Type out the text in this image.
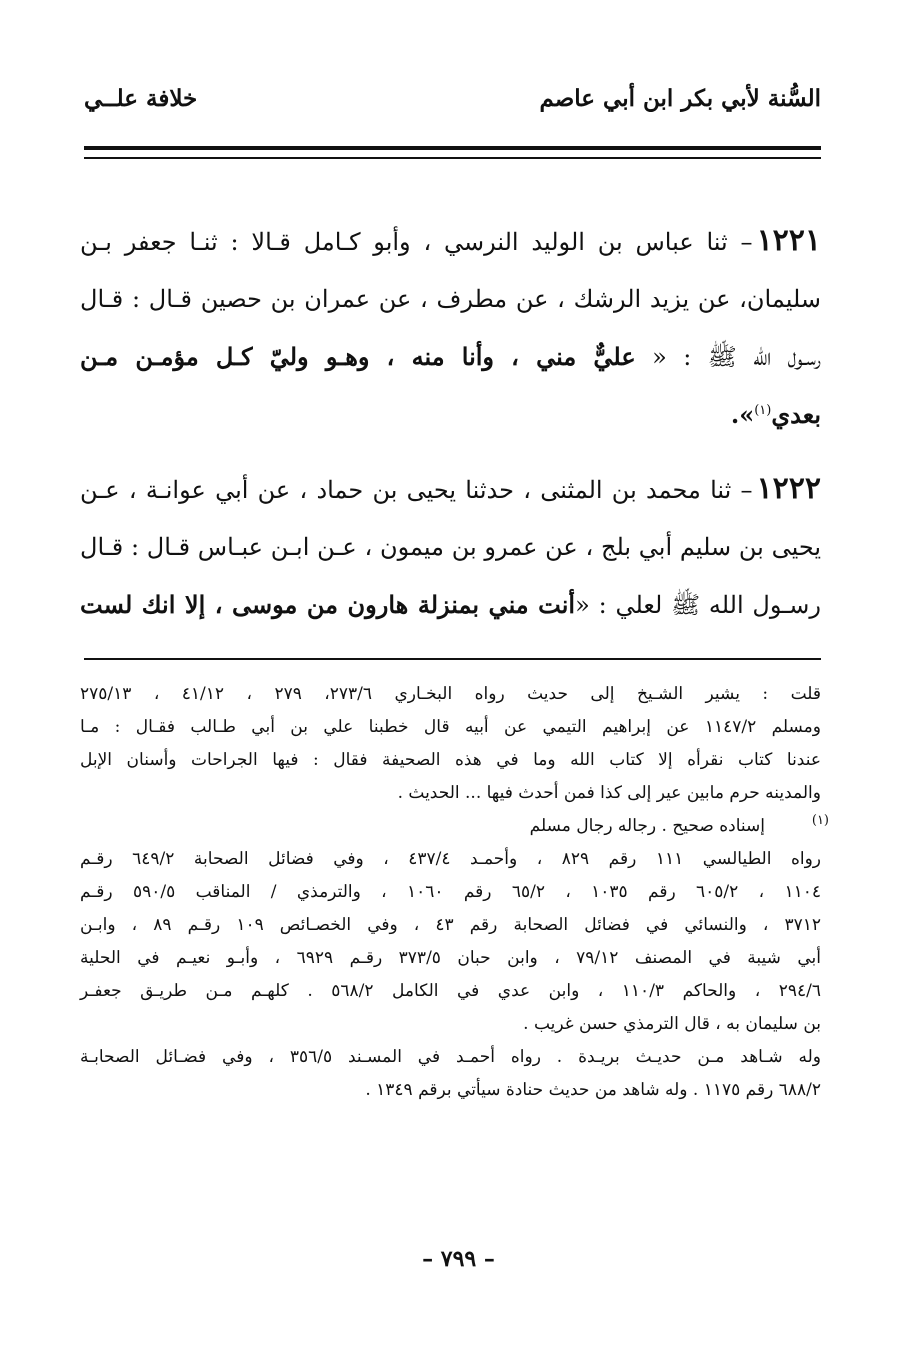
السُّنة لأبي بكر ابن أبي عاصم
خلافة علــي
١٢٢١– ثنا عباس بن الوليد النرسي ، وأبو كـامل قـالا : ثنـا جعفر بـن
سليمان، عن يزيد الرشك ، عن مطرف ، عن عمران بن حصين قـال : قـال
رسـول الله ﷺ : « عليٌّ مني ، وأنا منه ، وهـو وليّ كـل مؤمـن مـن
بعدي$^{(١)}$».
١٢٢٢– ثنا محمد بن المثنى ، حدثنا يحيى بن حماد ، عن أبي عوانـة ، عـن
يحيى بن سليم أبي بلج ، عن عمرو بن ميمون ، عـن ابـن عبـاس قـال : قـال
رسـول الله ﷺ لعلي : «أنت مني بمنزلة هارون من موسى ، إلا انك لست
قلت : يشير الشـيخ إلى حديث رواه البخـاري ٢٧٣/٦، ٢٧٩ ، ٤١/١٢ ، ٢٧٥/١٣
ومسلم ١١٤٧/٢ عن إبراهيم التيمي عن أبيه قال خطبنا علي بن أبي طـالب فقـال : مـا
عندنا كتاب نقرأه إلا كتاب الله وما في هذه الصحيفة فقال : فيها الجراحات وأسنان الإبل
والمدينه حرم مابين عير إلى كذا فمن أحدث فيها ... الحديث .
(١)
إسناده صحيح . رجاله رجال مسلم
رواه الطيالسي ١١١ رقم ٨٢٩ ، وأحمـد ٤٣٧/٤ ، وفي فضائل الصحابة ٦٤٩/٢ رقـم
١١٠٤ ، ٦٠٥/٢ رقم ١٠٣٥ ، ٦٥/٢ رقم ١٠٦٠ ، والترمذي / المناقب ٥٩٠/٥ رقـم
٣٧١٢ ، والنسائي في فضائل الصحابة رقم ٤٣ ، وفي الخصـائص ١٠٩ رقـم ٨٩ ، وابـن
أبي شيبة في المصنف ٧٩/١٢ ، وابن حبان ٣٧٣/٥ رقـم ٦٩٢٩ ، وأبـو نعيـم في الحلية
٢٩٤/٦ ، والحاكم ١١٠/٣ ، وابن عدي في الكامل ٥٦٨/٢ . كلهـم مـن طريـق جعفـر
بن سليمان به ، قال الترمذي حسن غريب .
وله شـاهد مـن حديـث بريـدة . رواه أحمـد في المسـند ٣٥٦/٥ ، وفي فضـائل الصحابـة
٦٨٨/٢ رقم ١١٧٥ . وله شاهد من حديث حنادة سيأتي برقم ١٣٤٩ .
– ٧٩٩ –
